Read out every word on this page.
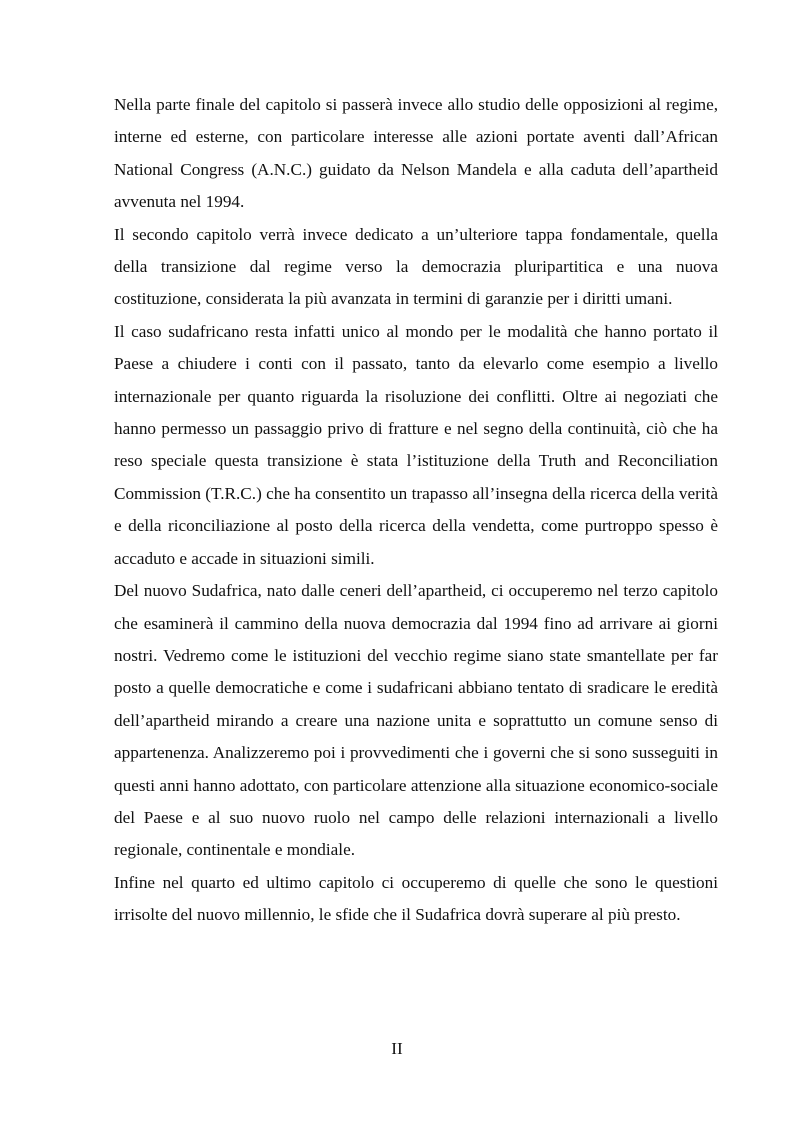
Nella parte finale del capitolo si passerà invece allo studio delle opposizioni al regime, interne ed esterne, con particolare interesse alle azioni portate aventi dall’African National Congress (A.N.C.) guidato da Nelson Mandela e alla caduta dell’apartheid avvenuta nel 1994.

Il secondo capitolo verrà invece dedicato a un’ulteriore tappa fondamentale, quella della transizione dal regime verso la democrazia pluripartitica e una nuova costituzione, considerata la più avanzata in termini di garanzie per i diritti umani.

Il caso sudafricano resta infatti unico al mondo per le modalità che hanno portato il Paese a chiudere i conti con il passato, tanto da elevarlo come esempio a livello internazionale per quanto riguarda la risoluzione dei conflitti. Oltre ai negoziati che hanno permesso un passaggio privo di fratture e nel segno della continuità, ciò che ha reso speciale questa transizione è stata l’istituzione della Truth and Reconciliation Commission (T.R.C.) che ha consentito un trapasso all’insegna della ricerca della verità e della riconciliazione al posto della ricerca della vendetta, come purtroppo spesso è accaduto e accade in situazioni simili.

Del nuovo Sudafrica, nato dalle ceneri dell’apartheid, ci occuperemo nel terzo capitolo che esaminerà il cammino della nuova democrazia dal 1994 fino ad arrivare ai giorni nostri. Vedremo come le istituzioni del vecchio regime siano state smantellate per far posto a quelle democratiche e come i sudafricani abbiano tentato di sradicare le eredità dell’apartheid mirando a creare una nazione unita e soprattutto un comune senso di appartenenza. Analizzeremo poi i provvedimenti che i governi che si sono susseguiti in questi anni hanno adottato, con particolare attenzione alla situazione economico-sociale del Paese e al suo nuovo ruolo nel campo delle relazioni internazionali a livello regionale, continentale e mondiale.

Infine nel quarto ed ultimo capitolo ci occuperemo di quelle che sono le questioni irrisolte del nuovo millennio, le sfide che il Sudafrica dovrà superare al più presto.

II
